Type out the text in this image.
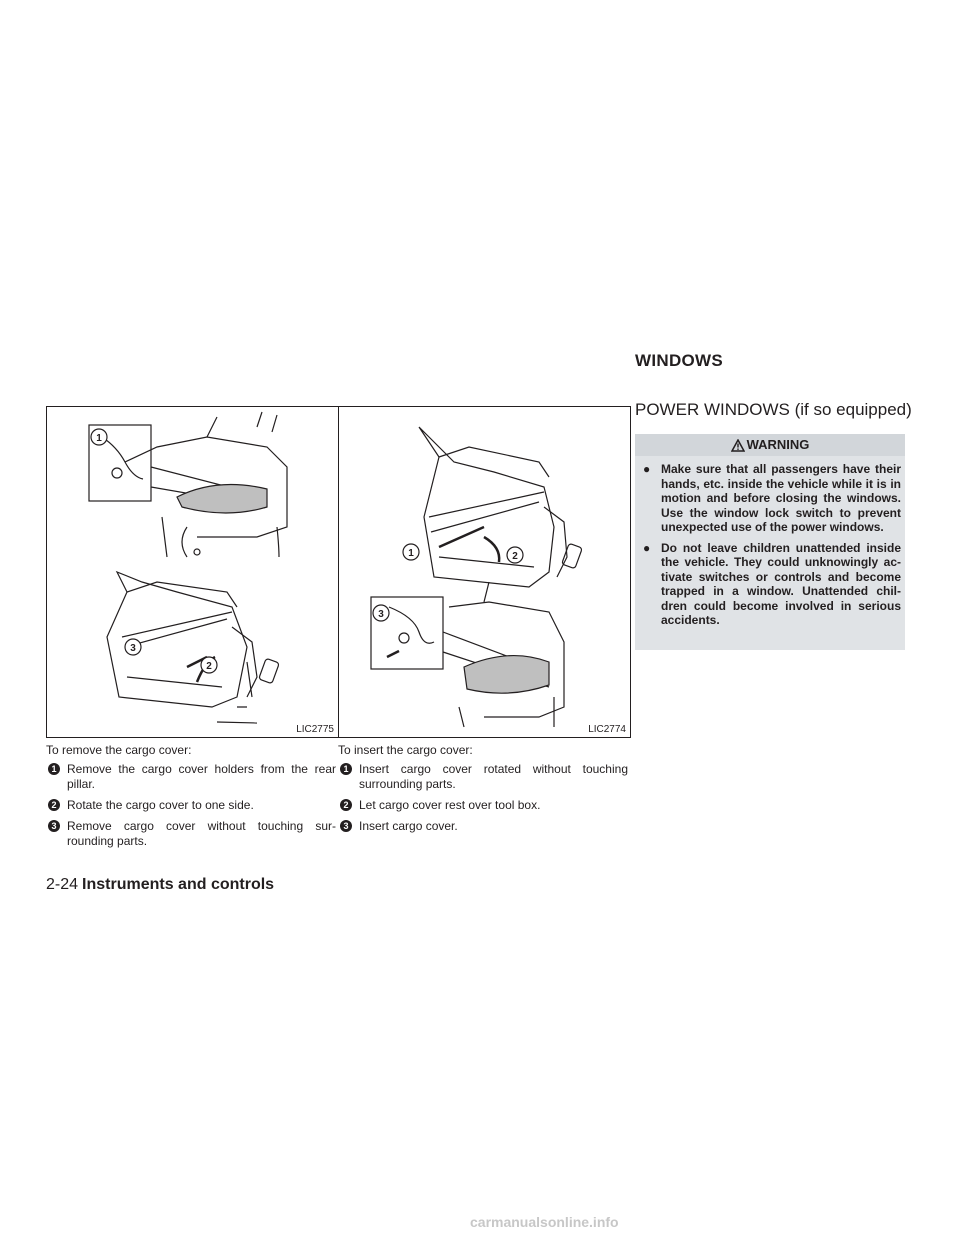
WINDOWS
1
2
3
LIC2775
1	2
3
LIC2774

To remove the cargo cover:

1 Remove the cargo cover holders from the rear pillar.
2 Rotate the cargo cover to one side.
3 Remove cargo cover without touching sur- rounding parts.

To insert the cargo cover:

1 Insert cargo cover rotated without touching surrounding parts.
2 Let cargo cover rest over tool box.
3 Insert cargo cover.
POWER WINDOWS (if so equipped)
WARNING
● Make sure that all passengers have their hands, etc. inside the vehicle while it is in motion and before closing the windows. Use the window lock switch to prevent unexpected use of the power windows.
● Do not leave children unattended inside the vehicle. They could unknowingly ac- tivate switches or controls and become trapped in a window. Unattended chil- dren could become involved in serious accidents.
2-24 Instruments and controls
carmanualsonline.info
